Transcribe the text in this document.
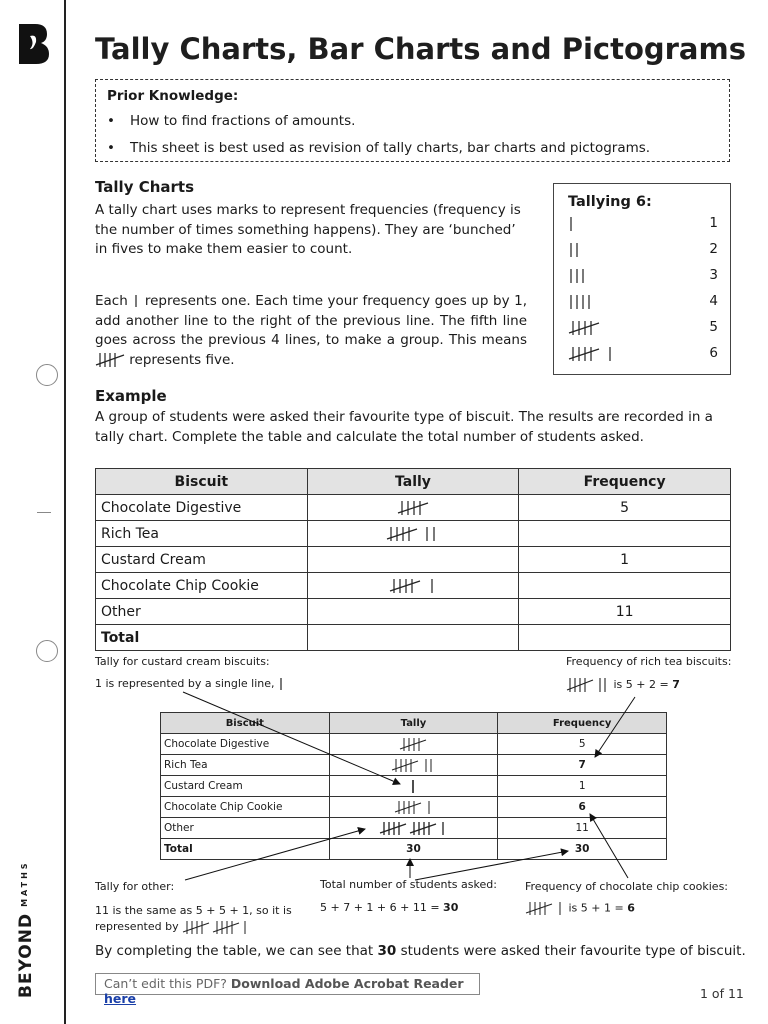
$BEYOND^{MATHS}$
Tally Charts, Bar Charts and Pictograms
Prior Knowledge:
• How to find fractions of amounts.
• This sheet is best used as revision of tally charts, bar charts and pictograms.
Tally Charts
A tally chart uses marks to represent frequencies (frequency is the number of times something happens). They are ‘bunched’ in fives to make them easier to count.
Each represents one. Each time your frequency goes up by 1, add another line to the right of the previous line. The fifth line goes across the previous 4 lines, to make a group. This means  represents five.
Tallying 6:
1
2
3
4
5
6
Example
A group of students were asked their favourite type of biscuit. The results are recorded in a tally chart. Complete the table and calculate the total number of students asked.
Biscuit	Tally	Frequency
Chocolate Digestive		5
Rich Tea		
Custard Cream		1
Chocolate Chip Cookie		
Other		11
Total		
Tally for custard cream biscuits:
1 is represented by a single line,
Frequency of rich tea biscuits:
is 5 + 2 = 7
Biscuit	Tally	Frequency
Chocolate Digestive		5
Rich Tea		7
Custard Cream		1
Chocolate Chip Cookie		6
Other		11
Total	30	30
Tally for other:
11 is the same as 5 + 5 + 1, so it is
represented by
Total number of students asked:
5 + 7 + 1 + 6 + 11 = 30
Frequency of chocolate chip cookies:
is 5 + 1 = 6
By completing the table, we can see that 30 students were asked their favourite type of biscuit.
Can’t edit this PDF? Download Adobe Acrobat Reader here	1 of 11
